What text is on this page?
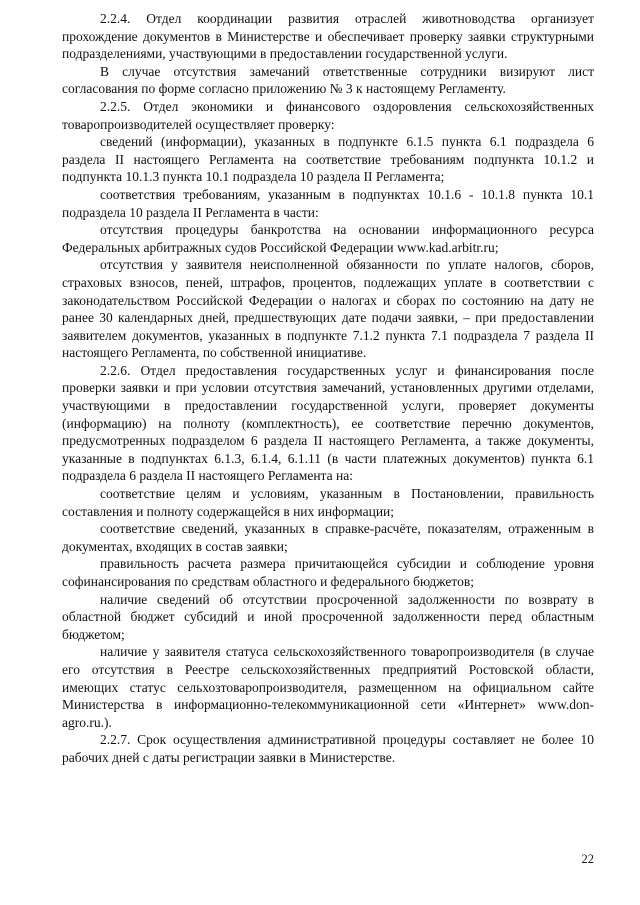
2.2.4. Отдел координации развития отраслей животноводства организует прохождение документов в Министерстве и обеспечивает проверку заявки структурными подразделениями, участвующими в предоставлении государственной услуги.

В случае отсутствия замечаний ответственные сотрудники визируют лист согласования по форме согласно приложению № 3 к настоящему Регламенту.

2.2.5. Отдел экономики и финансового оздоровления сельскохозяйственных товаропроизводителей осуществляет проверку:

сведений (информации), указанных в подпункте 6.1.5 пункта 6.1 подраздела 6 раздела II настоящего Регламента на соответствие требованиям подпункта 10.1.2 и подпункта 10.1.3 пункта 10.1 подраздела 10 раздела II Регламента;

соответствия требованиям, указанным в подпунктах 10.1.6 - 10.1.8 пункта 10.1 подраздела 10 раздела II Регламента в части:

отсутствия процедуры банкротства на основании информационного ресурса Федеральных арбитражных судов Российской Федерации www.kad.arbitr.ru;

отсутствия у заявителя неисполненной обязанности по уплате налогов, сборов, страховых взносов, пеней, штрафов, процентов, подлежащих уплате в соответствии с законодательством Российской Федерации о налогах и сборах по состоянию на дату не ранее 30 календарных дней, предшествующих дате подачи заявки, – при предоставлении заявителем документов, указанных в подпункте 7.1.2 пункта 7.1 подраздела 7 раздела II настоящего Регламента, по собственной инициативе.

2.2.6. Отдел предоставления государственных услуг и финансирования после проверки заявки и при условии отсутствия замечаний, установленных другими отделами, участвующими в предоставлении государственной услуги, проверяет документы (информацию) на полноту (комплектность), ее соответствие перечню документов, предусмотренных подразделом 6 раздела II настоящего Регламента, а также документы, указанные в подпунктах 6.1.3, 6.1.4, 6.1.11 (в части платежных документов) пункта 6.1 подраздела 6 раздела II настоящего Регламента на:

соответствие целям и условиям, указанным в Постановлении, правильность составления и полноту содержащейся в них информации;

соответствие сведений, указанных в справке-расчёте, показателям, отраженным в документах, входящих в состав заявки;

правильность расчета размера причитающейся субсидии и соблюдение уровня софинансирования по средствам областного и федерального бюджетов;

наличие сведений об отсутствии просроченной задолженности по возврату в областной бюджет субсидий и иной просроченной задолженности перед областным бюджетом;

наличие у заявителя статуса сельскохозяйственного товаропроизводителя (в случае его отсутствия в Реестре сельскохозяйственных предприятий Ростовской области, имеющих статус сельхозтоваропроизводителя, размещенном на официальном сайте Министерства в информационно-телекоммуникационной сети «Интернет» www.don-agro.ru.).

2.2.7. Срок осуществления административной процедуры составляет не более 10 рабочих дней с даты регистрации заявки в Министерстве.

22
